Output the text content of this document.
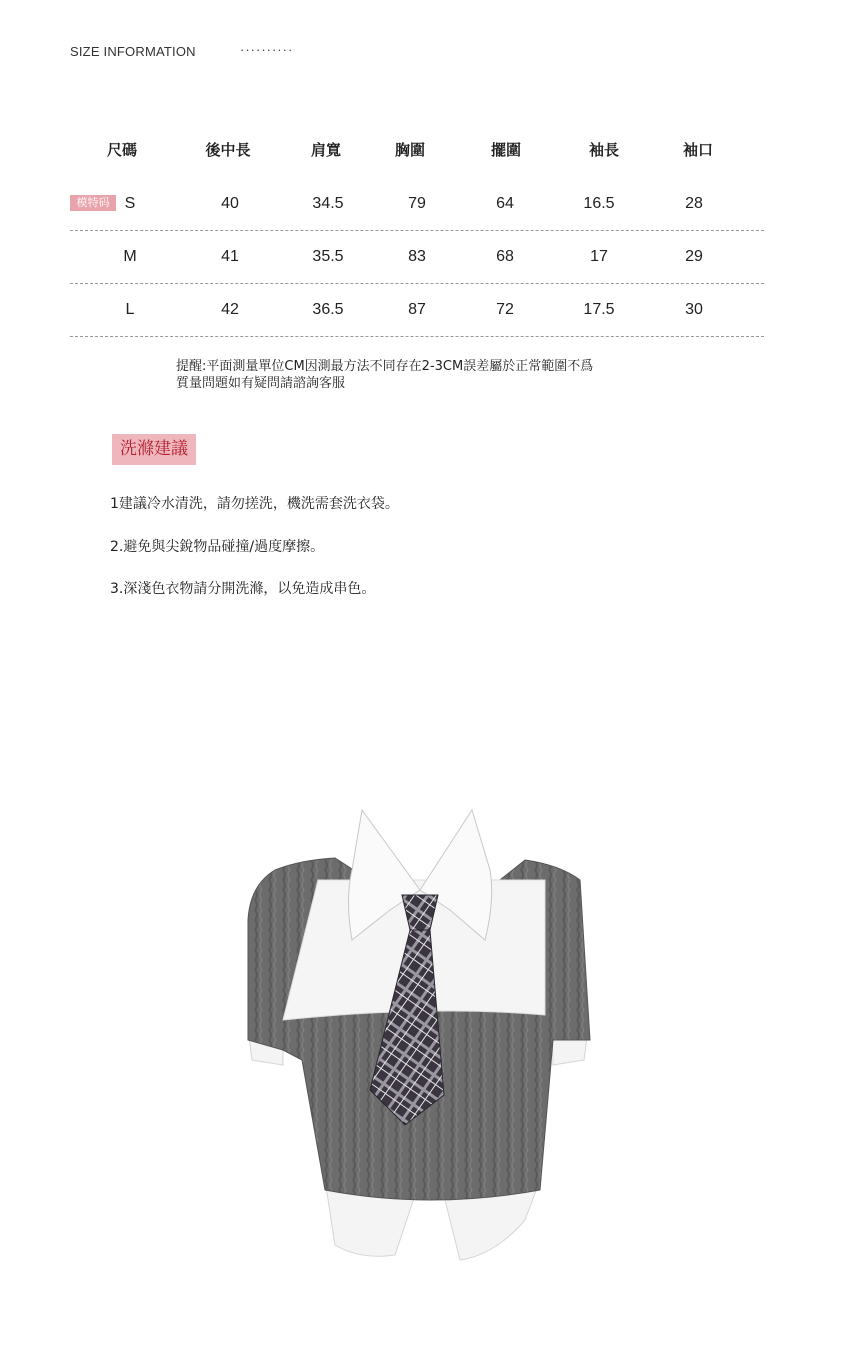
SIZE INFORMATION	··········
尺碼	後中長	肩寬	胸圍	擺圍	袖長	袖口
S	40	34.5	79	64	16.5	28
M	41	35.5	83	68	17	29
L	42	36.5	87	72	17.5	30
模特码
提醒:平面測量單位CM因測最方法不同存在2-3CM誤差屬於正常範圍不爲
質量問題如有疑問請諮詢客服
洗滌建議
1建議冷水清洗，請勿搓洗，機洗需套洗衣袋。
2.避免與尖銳物品碰撞/過度摩擦。
3.深淺色衣物請分開洗滌，以免造成串色。
